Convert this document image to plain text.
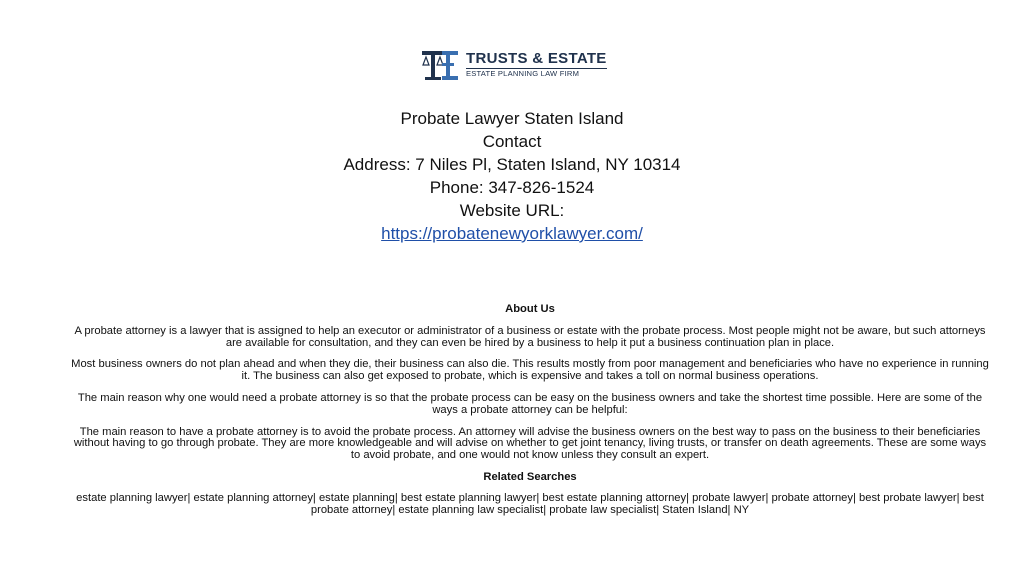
TRUSTS & ESTATE
ESTATE PLANNING LAW FIRM
Probate Lawyer Staten Island
Contact
Address: 7 Niles Pl, Staten Island, NY 10314
Phone: 347-826-1524
Website URL:
https://probatenewyorklawyer.com/
About Us

A probate attorney is a lawyer that is assigned to help an executor or administrator of a business or estate with the probate process. Most people might not be aware, but such attorneys are available for consultation, and they can even be hired by a business to help it put a business continuation plan in place.

Most business owners do not plan ahead and when they die, their business can also die. This results mostly from poor management and beneficiaries who have no experience in running it. The business can also get exposed to probate, which is expensive and takes a toll on normal business operations.

The main reason why one would need a probate attorney is so that the probate process can be easy on the business owners and take the shortest time possible. Here are some of the ways a probate attorney can be helpful:

The main reason to have a probate attorney is to avoid the probate process. An attorney will advise the business owners on the best way to pass on the business to their beneficiaries without having to go through probate. They are more knowledgeable and will advise on whether to get joint tenancy, living trusts, or transfer on death agreements. These are some ways to avoid probate, and one would not know unless they consult an expert.

Related Searches

estate planning lawyer| estate planning attorney| estate planning| best estate planning lawyer| best estate planning attorney| probate lawyer| probate attorney| best probate lawyer| best probate attorney| estate planning law specialist| probate law specialist| Staten Island| NY
